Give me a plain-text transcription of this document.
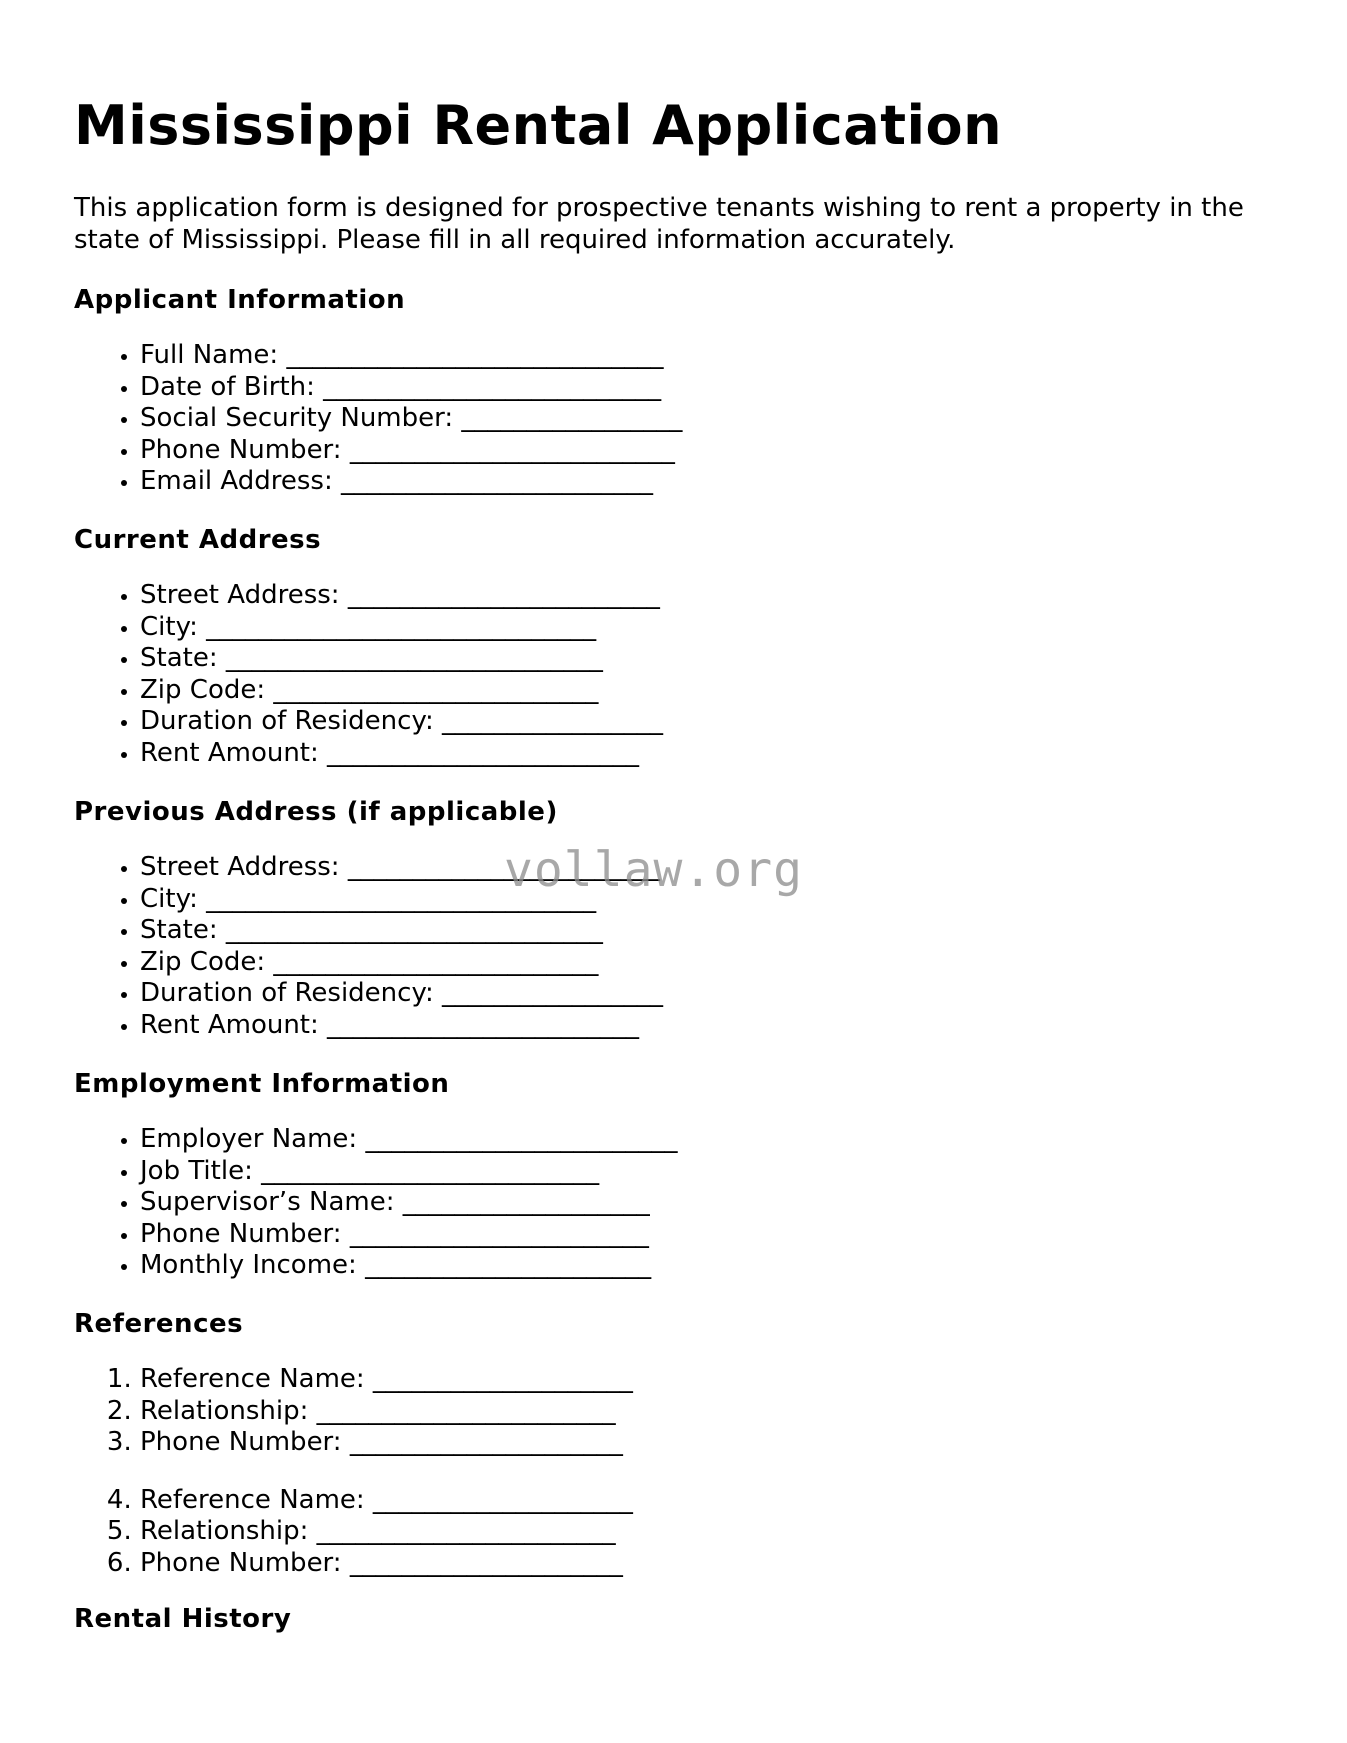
Mississippi Rental Application

This application form is designed for prospective tenants wishing to rent a property in the state of Mississippi. Please fill in all required information accurately.

Applicant Information
• Full Name: _____________________________
• Date of Birth: __________________________
• Social Security Number: _________________
• Phone Number: _________________________
• Email Address: ________________________
Current Address
• Street Address: ________________________
• City: ______________________________
• State: _____________________________
• Zip Code: _________________________
• Duration of Residency: _________________
• Rent Amount: ________________________
Previous Address (if applicable)
• Street Address: ________________________
• City: ______________________________
• State: _____________________________
• Zip Code: _________________________
• Duration of Residency: _________________
• Rent Amount: ________________________
Employment Information
• Employer Name: ________________________
• Job Title: __________________________
• Supervisor’s Name: ___________________
• Phone Number: _______________________
• Monthly Income: ______________________
References
1. Reference Name: ____________________
2. Relationship: _______________________
3. Phone Number: _____________________
4. Reference Name: ____________________
5. Relationship: _______________________
6. Phone Number: _____________________
Rental History
vollaw.org
